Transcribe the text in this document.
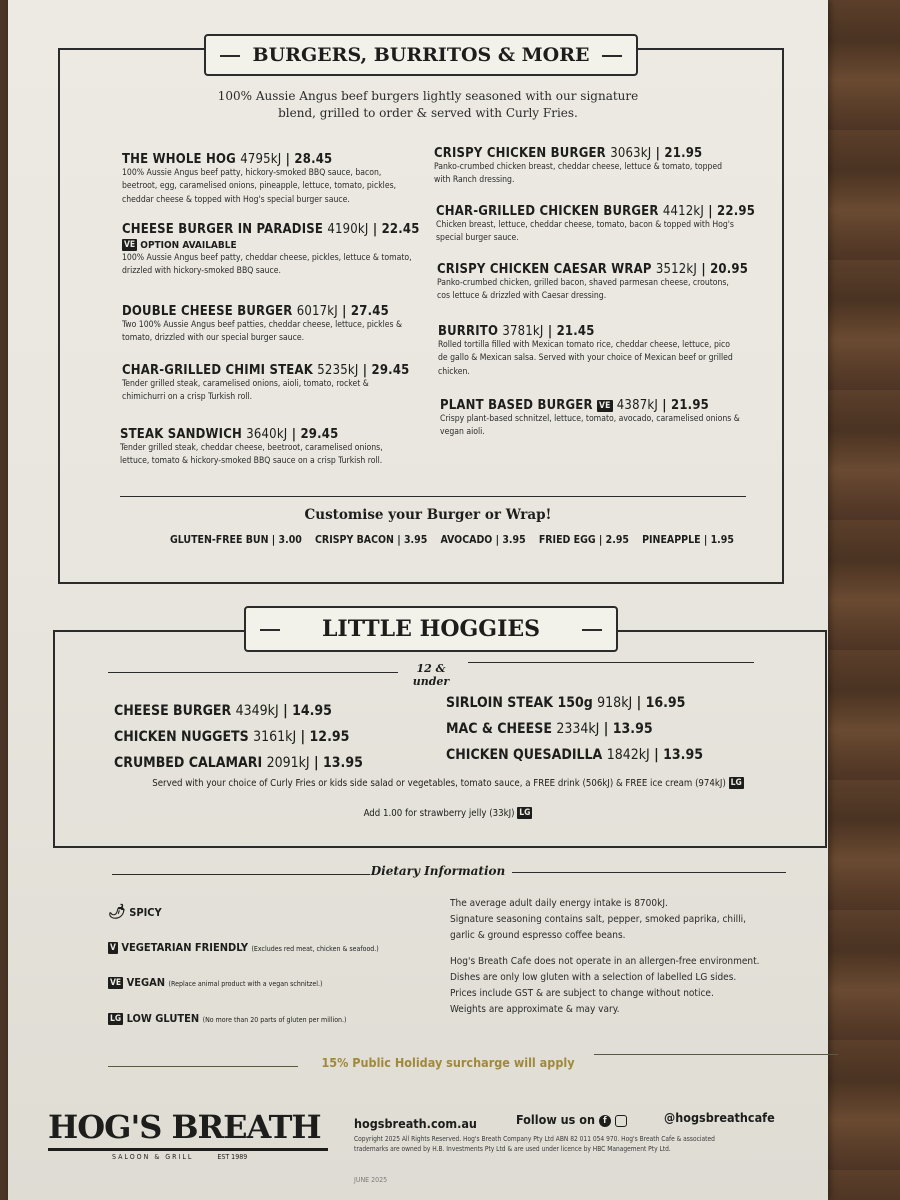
BURGERS, BURRITOS & MORE
100% Aussie Angus beef burgers lightly seasoned with our signature blend, grilled to order & served with Curly Fries.
THE WHOLE HOG 4795kJ | 28.45
100% Aussie Angus beef patty, hickory-smoked BBQ sauce, bacon, beetroot, egg, caramelised onions, pineapple, lettuce, tomato, pickles, cheddar cheese & topped with Hog's special burger sauce.
CHEESE BURGER IN PARADISE 4190kJ | 22.45
VE OPTION AVAILABLE
100% Aussie Angus beef patty, cheddar cheese, pickles, lettuce & tomato, drizzled with hickory-smoked BBQ sauce.
DOUBLE CHEESE BURGER 6017kJ | 27.45
Two 100% Aussie Angus beef patties, cheddar cheese, lettuce, pickles & tomato, drizzled with our special burger sauce.
CHAR-GRILLED CHIMI STEAK 5235kJ | 29.45
Tender grilled steak, caramelised onions, aioli, tomato, rocket & chimichurri on a crisp Turkish roll.
STEAK SANDWICH 3640kJ | 29.45
Tender grilled steak, cheddar cheese, beetroot, caramelised onions, lettuce, tomato & hickory-smoked BBQ sauce on a crisp Turkish roll.
CRISPY CHICKEN BURGER 3063kJ | 21.95
Panko-crumbed chicken breast, cheddar cheese, lettuce & tomato, topped with Ranch dressing.
CHAR-GRILLED CHICKEN BURGER 4412kJ | 22.95
Chicken breast, lettuce, cheddar cheese, tomato, bacon & topped with Hog's special burger sauce.
CRISPY CHICKEN CAESAR WRAP 3512kJ | 20.95
Panko-crumbed chicken, grilled bacon, shaved parmesan cheese, croutons, cos lettuce & drizzled with Caesar dressing.
BURRITO 3781kJ | 21.45
Rolled tortilla filled with Mexican tomato rice, cheddar cheese, lettuce, pico de gallo & Mexican salsa. Served with your choice of Mexican beef or grilled chicken.
PLANT BASED BURGER VE 4387kJ | 21.95
Crispy plant-based schnitzel, lettuce, tomato, avocado, caramelised onions & vegan aioli.
Customise your Burger or Wrap!
GLUTEN-FREE BUN | 3.00 CRISPY BACON | 3.95 AVOCADO | 3.95 FRIED EGG | 2.95 PINEAPPLE | 1.95
LITTLE HOGGIES
12 & under
CHEESE BURGER 4349kJ | 14.95
CHICKEN NUGGETS 3161kJ | 12.95
CRUMBED CALAMARI 2091kJ | 13.95
SIRLOIN STEAK 150g 918kJ | 16.95
MAC & CHEESE 2334kJ | 13.95
CHICKEN QUESADILLA 1842kJ | 13.95
Served with your choice of Curly Fries or kids side salad or vegetables, tomato sauce, a FREE drink (506kJ) & FREE ice cream (974kJ) LG
Add 1.00 for strawberry jelly (33kJ) LG
Dietary Information
🌶︎ SPICY
V VEGETARIAN FRIENDLY (Excludes red meat, chicken & seafood.)
VE VEGAN (Replace animal product with a vegan schnitzel.)
LG LOW GLUTEN (No more than 20 parts of gluten per million.)
The average adult daily energy intake is 8700kJ.
Signature seasoning contains salt, pepper, smoked paprika, chilli, garlic & ground espresso coffee beans.
Hog's Breath Cafe does not operate in an allergen-free environment. Dishes are only low gluten with a selection of labelled LG sides.
Prices include GST & are subject to change without notice.
Weights are approximate & may vary.
15% Public Holiday surcharge will apply
HOG'S BREATH
SALOON & GRILL	EST 1989
hogsbreath.com.au	Follow us on f	@hogsbreathcafe
Copyright 2025 All Rights Reserved. Hog's Breath Company Pty Ltd ABN 82 011 054 970. Hog's Breath Cafe & associated trademarks are owned by H.B. Investments Pty Ltd & are used under licence by HBC Management Pty Ltd.
JUNE 2025
